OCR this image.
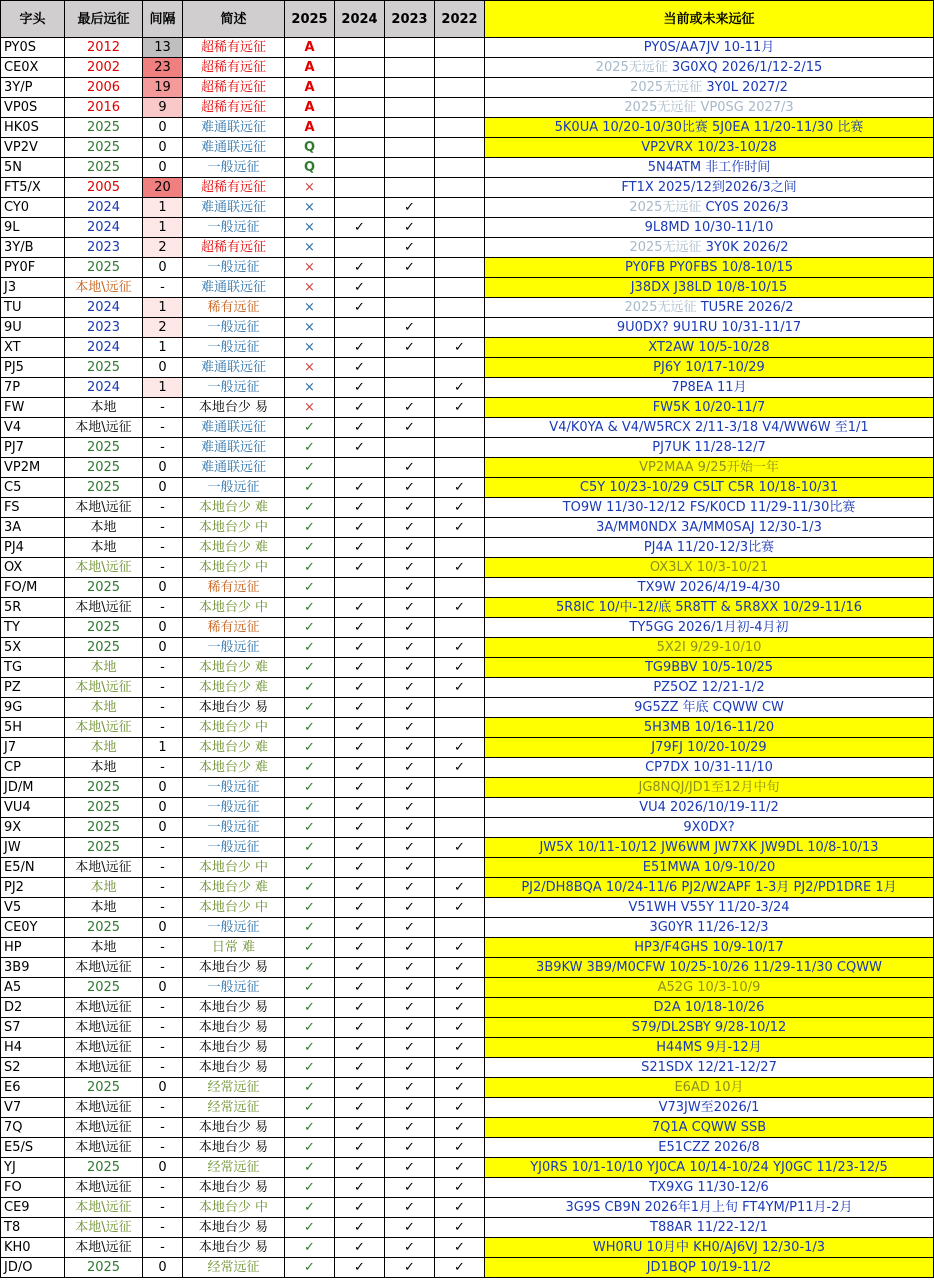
字头	最后远征	间隔	简述	2025	2024	2023	2022	当前或未来远征
PY0S	2012	13	超稀有远征	A				PY0S/AA7JV 10-11月
CE0X	2002	23	超稀有远征	A				2025无远征 3G0XQ 2026/1/12-2/15
3Y/P	2006	19	超稀有远征	A				2025无远征 3Y0L 2027/2
VP0S	2016	9	超稀有远征	A				2025无远征 VP0SG 2027/3
HK0S	2025	0	难通联远征	A				5K0UA 10/20-10/30比赛 5J0EA 11/20-11/30 比赛
VP2V	2025	0	难通联远征	Q				VP2VRX 10/23-10/28
5N	2025	0	一般远征	Q				5N4ATM 非工作时间
FT5/X	2005	20	超稀有远征	×				FT1X 2025/12到2026/3之间
CY0	2024	1	难通联远征	×		✓		2025无远征 CY0S 2026/3
9L	2024	1	一般远征	×	✓	✓		9L8MD 10/30-11/10
3Y/B	2023	2	超稀有远征	×		✓		2025无远征 3Y0K 2026/2
PY0F	2025	0	一般远征	×	✓	✓		PY0FB PY0FBS 10/8-10/15
J3	本地\远征	-	难通联远征	×	✓			J38DX J38LD 10/8-10/15
TU	2024	1	稀有远征	×	✓			2025无远征 TU5RE 2026/2
9U	2023	2	一般远征	×		✓		9U0DX? 9U1RU 10/31-11/17
XT	2024	1	一般远征	×	✓	✓	✓	XT2AW 10/5-10/28
PJ5	2025	0	难通联远征	×	✓			PJ6Y 10/17-10/29
7P	2024	1	一般远征	×	✓		✓	7P8EA 11月
FW	本地	-	本地台少 易	×	✓	✓	✓	FW5K 10/20-11/7
V4	本地\远征	-	难通联远征	✓	✓	✓		V4/K0YA & V4/W5RCX 2/11-3/18 V4/WW6W 至1/1
PJ7	2025	-	难通联远征	✓	✓			PJ7UK 11/28-12/7
VP2M	2025	0	难通联远征	✓		✓		VP2MAA 9/25开始一年
C5	2025	0	一般远征	✓	✓	✓	✓	C5Y 10/23-10/29 C5LT C5R 10/18-10/31
FS	本地\远征	-	本地台少 难	✓	✓	✓	✓	TO9W 11/30-12/12 FS/K0CD 11/29-11/30比赛
3A	本地	-	本地台少 中	✓	✓	✓	✓	3A/MM0NDX 3A/MM0SAJ 12/30-1/3
PJ4	本地	-	本地台少 难	✓	✓	✓		PJ4A 11/20-12/3比赛
OX	本地\远征	-	本地台少 中	✓	✓	✓	✓	OX3LX 10/3-10/21
FO/M	2025	0	稀有远征	✓		✓		TX9W 2026/4/19-4/30
5R	本地\远征	-	本地台少 中	✓	✓	✓	✓	5R8IC 10/中-12/底 5R8TT & 5R8XX 10/29-11/16
TY	2025	0	稀有远征	✓	✓	✓		TY5GG 2026/1月初-4月初
5X	2025	0	一般远征	✓	✓	✓	✓	5X2I 9/29-10/10
TG	本地	-	本地台少 难	✓	✓	✓	✓	TG9BBV 10/5-10/25
PZ	本地\远征	-	本地台少 难	✓	✓	✓	✓	PZ5OZ 12/21-1/2
9G	本地	-	本地台少 易	✓	✓	✓		9G5ZZ 年底 CQWW CW
5H	本地\远征	-	本地台少 中	✓	✓	✓		5H3MB 10/16-11/20
J7	本地	1	本地台少 难	✓	✓	✓	✓	J79FJ 10/20-10/29
CP	本地	-	本地台少 难	✓	✓	✓	✓	CP7DX 10/31-11/10
JD/M	2025	0	一般远征	✓	✓	✓		JG8NQJ/JD1至12月中旬
VU4	2025	0	一般远征	✓	✓	✓		VU4 2026/10/19-11/2
9X	2025	0	一般远征	✓	✓	✓		9X0DX?
JW	2025	-	一般远征	✓	✓	✓	✓	JW5X 10/11-10/12 JW6WM JW7XK JW9DL 10/8-10/13
E5/N	本地\远征	-	本地台少 中	✓	✓	✓		E51MWA 10/9-10/20
PJ2	本地	-	本地台少 难	✓	✓	✓	✓	PJ2/DH8BQA 10/24-11/6 PJ2/W2APF 1-3月 PJ2/PD1DRE 1月
V5	本地	-	本地台少 中	✓	✓	✓	✓	V51WH V55Y 11/20-3/24
CE0Y	2025	0	一般远征	✓	✓	✓		3G0YR 11/26-12/3
HP	本地	-	日常 难	✓	✓	✓	✓	HP3/F4GHS 10/9-10/17
3B9	本地\远征	-	本地台少 易	✓	✓	✓	✓	3B9KW 3B9/M0CFW 10/25-10/26 11/29-11/30 CQWW
A5	2025	0	一般远征	✓	✓	✓	✓	A52G 10/3-10/9
D2	本地\远征	-	本地台少 易	✓	✓	✓	✓	D2A 10/18-10/26
S7	本地\远征	-	本地台少 易	✓	✓	✓	✓	S79/DL2SBY 9/28-10/12
H4	本地\远征	-	本地台少 易	✓	✓	✓	✓	H44MS 9月-12月
S2	本地\远征	-	本地台少 易	✓	✓	✓	✓	S21SDX 12/21-12/27
E6	2025	0	经常远征	✓	✓	✓	✓	E6AD 10月
V7	本地\远征	-	经常远征	✓	✓	✓	✓	V73JW至2026/1
7Q	本地\远征	-	本地台少 易	✓	✓	✓	✓	7Q1A CQWW SSB
E5/S	本地\远征	-	本地台少 易	✓	✓	✓	✓	E51CZZ 2026/8
YJ	2025	0	经常远征	✓	✓	✓	✓	YJ0RS 10/1-10/10 YJ0CA 10/14-10/24 YJ0GC 11/23-12/5
FO	本地\远征	-	本地台少 易	✓	✓	✓	✓	TX9XG 11/30-12/6
CE9	本地\远征	-	本地台少 中	✓	✓	✓	✓	3G9S CB9N 2026年1月上旬 FT4YM/P11月-2月
T8	本地\远征	-	本地台少 易	✓	✓	✓	✓	T88AR 11/22-12/1
KH0	本地\远征	-	本地台少 易	✓	✓	✓	✓	WH0RU 10月中 KH0/AJ6VJ 12/30-1/3
JD/O	2025	0	经常远征	✓	✓	✓	✓	JD1BQP 10/19-11/2
